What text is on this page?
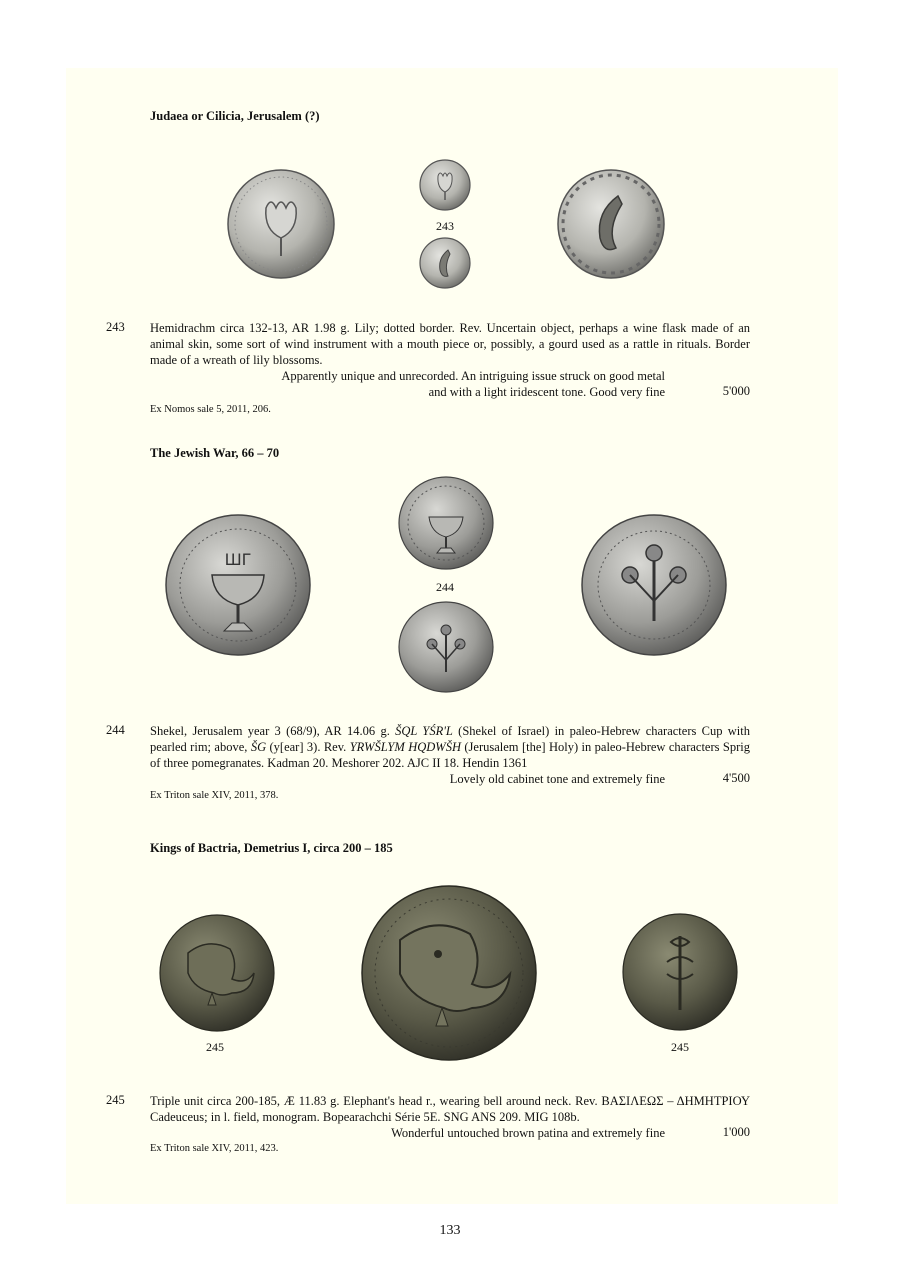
Judaea or Cilicia, Jerusalem (?)
243
243 Hemidrachm circa 132-13, AR 1.98 g. Lily; dotted border. Rev. Uncertain object, perhaps a wine flask made of an animal skin, some sort of wind instrument with a mouth piece or, possibly, a gourd used as a rattle in rituals. Border made of a wreath of lily blossoms.
Apparently unique and unrecorded. An intriguing issue struck on good metal
and with a light iridescent tone. Good very fine	5'000
Ex Nomos sale 5, 2011, 206.
The Jewish War, 66 – 70
ШГ
244
244 Shekel, Jerusalem year 3 (68/9), AR 14.06 g. ŠQL YŚR'L (Shekel of Israel) in paleo-Hebrew characters Cup with pearled rim; above, ŠG (y[ear] 3). Rev. YRWŠLYM HQDWŠH (Jerusalem [the] Holy) in paleo-Hebrew characters Sprig of three pomegranates. Kadman 20. Meshorer 202. AJC II 18. Hendin 1361
Lovely old cabinet tone and extremely fine	4'500
Ex Triton sale XIV, 2011, 378.
Kings of Bactria, Demetrius I, circa 200 – 185
245	245
245 Triple unit circa 200-185, Æ 11.83 g. Elephant's head r., wearing bell around neck. Rev. ΒΑΣΙΛΕΩΣ – ΔΗΜΗΤΡΙΟΥ Cadeuceus; in l. field, monogram. Bopearachchi Série 5E. SNG ANS 209. MIG 108b.
Wonderful untouched brown patina and extremely fine	1'000
Ex Triton sale XIV, 2011, 423.
133
